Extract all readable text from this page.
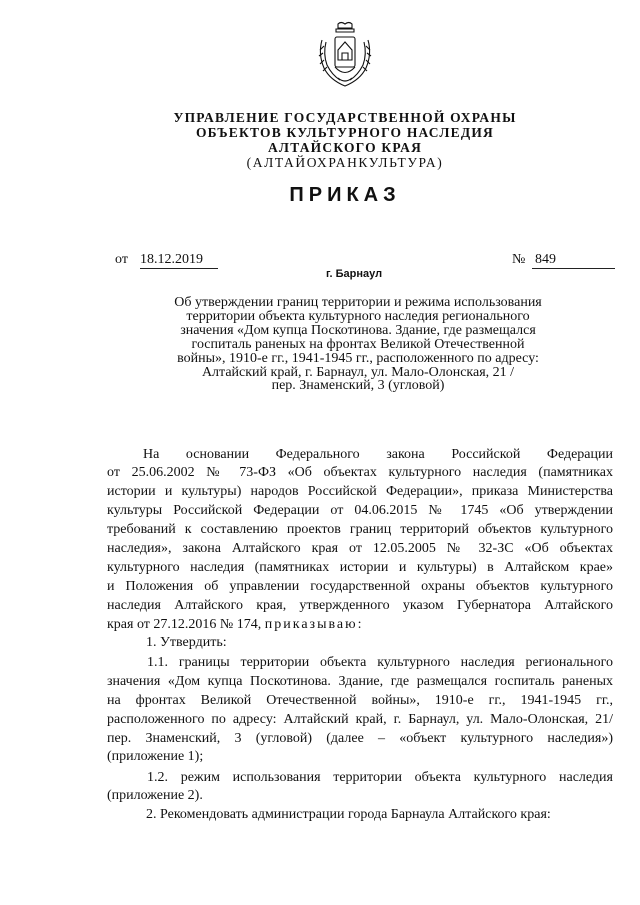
УПРАВЛЕНИЕ ГОСУДАРСТВЕННОЙ ОХРАНЫ
ОБЪЕКТОВ КУЛЬТУРНОГО НАСЛЕДИЯ
АЛТАЙСКОГО КРАЯ
(АЛТАЙОХРАНКУЛЬТУРА)
ПРИКАЗ
от 18.12.2019	№ 849
г. Барнаул
Об утверждении границ территории и режима использования
территории объекта культурного наследия регионального
значения «Дом купца Поскотинова. Здание, где размещался
госпиталь раненых на фронтах Великой Отечественной
войны», 1910-е гг., 1941-1945 гг., расположенного по адресу:
Алтайский край, г. Барнаул, ул. Мало-Олонская, 21 /
пер. Знаменский, 3 (угловой)
На основании Федерального закона Российской Федерации
от 25.06.2002 № 73-ФЗ «Об объектах культурного наследия (памятниках
истории и культуры) народов Российской Федерации», приказа Министерства
культуры Российской Федерации от 04.06.2015 № 1745 «Об утверждении
требований к составлению проектов границ территорий объектов культурного
наследия», закона Алтайского края от 12.05.2005 № 32-ЗС «Об объектах
культурного наследия (памятниках истории и культуры) в Алтайском крае»
и Положения об управлении государственной охраны объектов культурного
наследия Алтайского края, утвержденного указом Губернатора Алтайского
края от 27.12.2016 № 174, приказываю:
1. Утвердить:
1.1. границы территории объекта культурного наследия регионального
значения «Дом купца Поскотинова. Здание, где размещался госпиталь раненых
на фронтах Великой Отечественной войны», 1910-е гг., 1941-1945 гг.,
расположенного по адресу: Алтайский край, г. Барнаул, ул. Мало-Олонская, 21/
пер. Знаменский, 3 (угловой) (далее – «объект культурного наследия»)
(приложение 1);
1.2. режим использования территории объекта культурного наследия
(приложение 2).
2. Рекомендовать администрации города Барнаула Алтайского края:
